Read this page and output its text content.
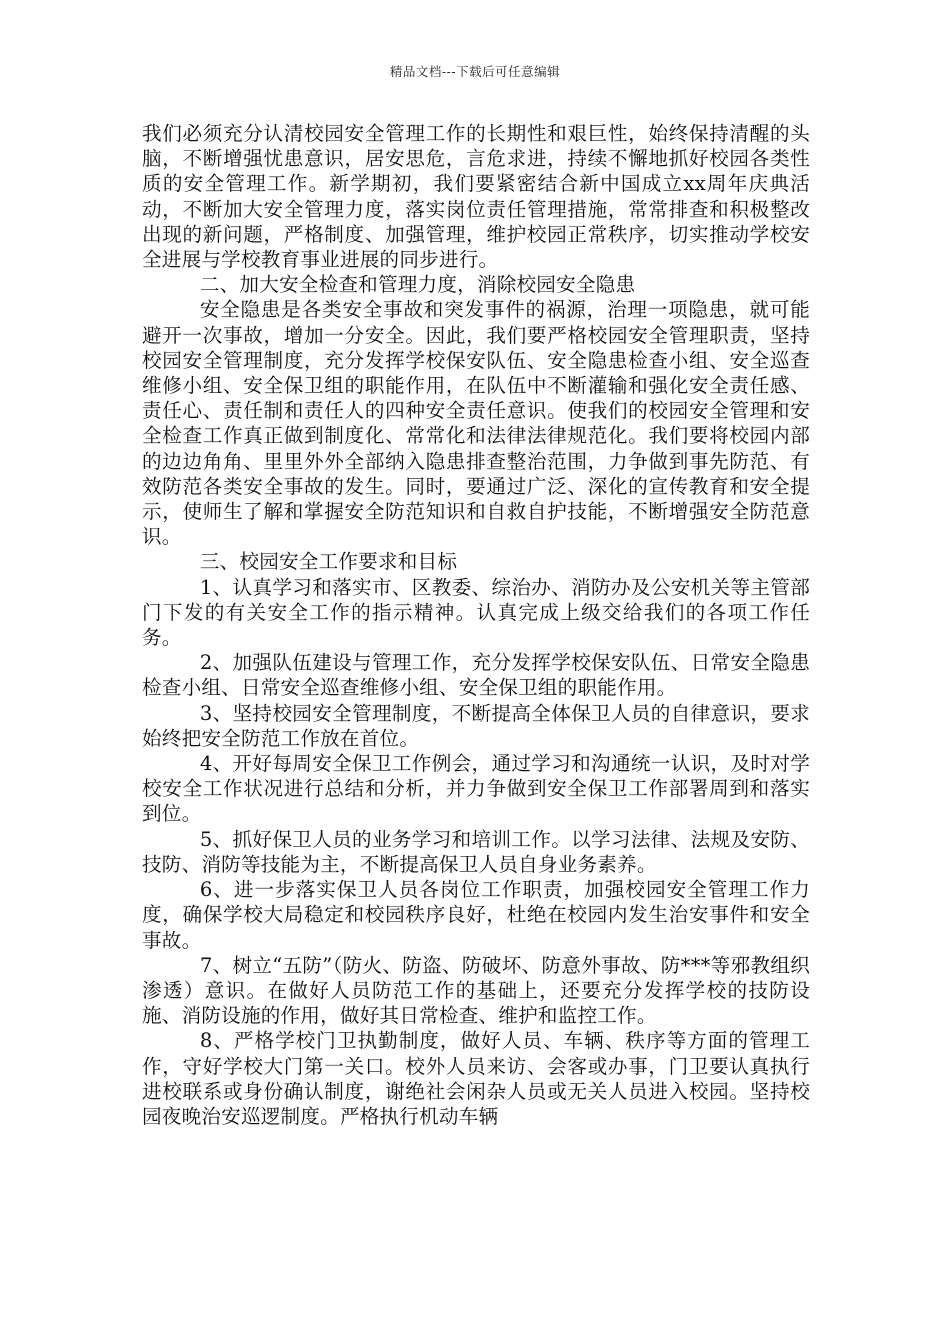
精品文档---下载后可任意编辑

我们必须充分认清校园安全管理工作的长期性和艰巨性，始终保持清醒的头脑，不断增强忧患意识，居安思危，言危求进，持续不懈地抓好校园各类性质的安全管理工作。新学期初，我们要紧密结合新中国成立xx周年庆典活动，不断加大安全管理力度，落实岗位责任管理措施，常常排查和积极整改出现的新问题，严格制度、加强管理，维护校园正常秩序，切实推动学校安全进展与学校教育事业进展的同步进行。

二、加大安全检查和管理力度，消除校园安全隐患

安全隐患是各类安全事故和突发事件的祸源，治理一项隐患，就可能避开一次事故，增加一分安全。因此，我们要严格校园安全管理职责，坚持校园安全管理制度，充分发挥学校保安队伍、安全隐患检查小组、安全巡查维修小组、安全保卫组的职能作用，在队伍中不断灌输和强化安全责任感、责任心、责任制和责任人的四种安全责任意识。使我们的校园安全管理和安全检查工作真正做到制度化、常常化和法律法律规范化。我们要将校园内部的边边角角、里里外外全部纳入隐患排查整治范围，力争做到事先防范、有效防范各类安全事故的发生。同时，要通过广泛、深化的宣传教育和安全提示，使师生了解和掌握安全防范知识和自救自护技能，不断增强安全防范意识。

三、校园安全工作要求和目标

1、认真学习和落实市、区教委、综治办、消防办及公安机关等主管部门下发的有关安全工作的指示精神。认真完成上级交给我们的各项工作任务。

2、加强队伍建设与管理工作，充分发挥学校保安队伍、日常安全隐患检查小组、日常安全巡查维修小组、安全保卫组的职能作用。

3、坚持校园安全管理制度，不断提高全体保卫人员的自律意识，要求始终把安全防范工作放在首位。

4、开好每周安全保卫工作例会，通过学习和沟通统一认识，及时对学校安全工作状况进行总结和分析，并力争做到安全保卫工作部署周到和落实到位。

5、抓好保卫人员的业务学习和培训工作。以学习法律、法规及安防、技防、消防等技能为主，不断提高保卫人员自身业务素养。

6、进一步落实保卫人员各岗位工作职责，加强校园安全管理工作力度，确保学校大局稳定和校园秩序良好，杜绝在校园内发生治安事件和安全事故。

7、树立“五防”（防火、防盗、防破坏、防意外事故、防***等邪教组织渗透）意识。在做好人员防范工作的基础上，还要充分发挥学校的技防设施、消防设施的作用，做好其日常检查、维护和监控工作。

8、严格学校门卫执勤制度，做好人员、车辆、秩序等方面的管理工作，守好学校大门第一关口。校外人员来访、会客或办事，门卫要认真执行进校联系或身份确认制度，谢绝社会闲杂人员或无关人员进入校园。坚持校园夜晚治安巡逻制度。严格执行机动车辆
